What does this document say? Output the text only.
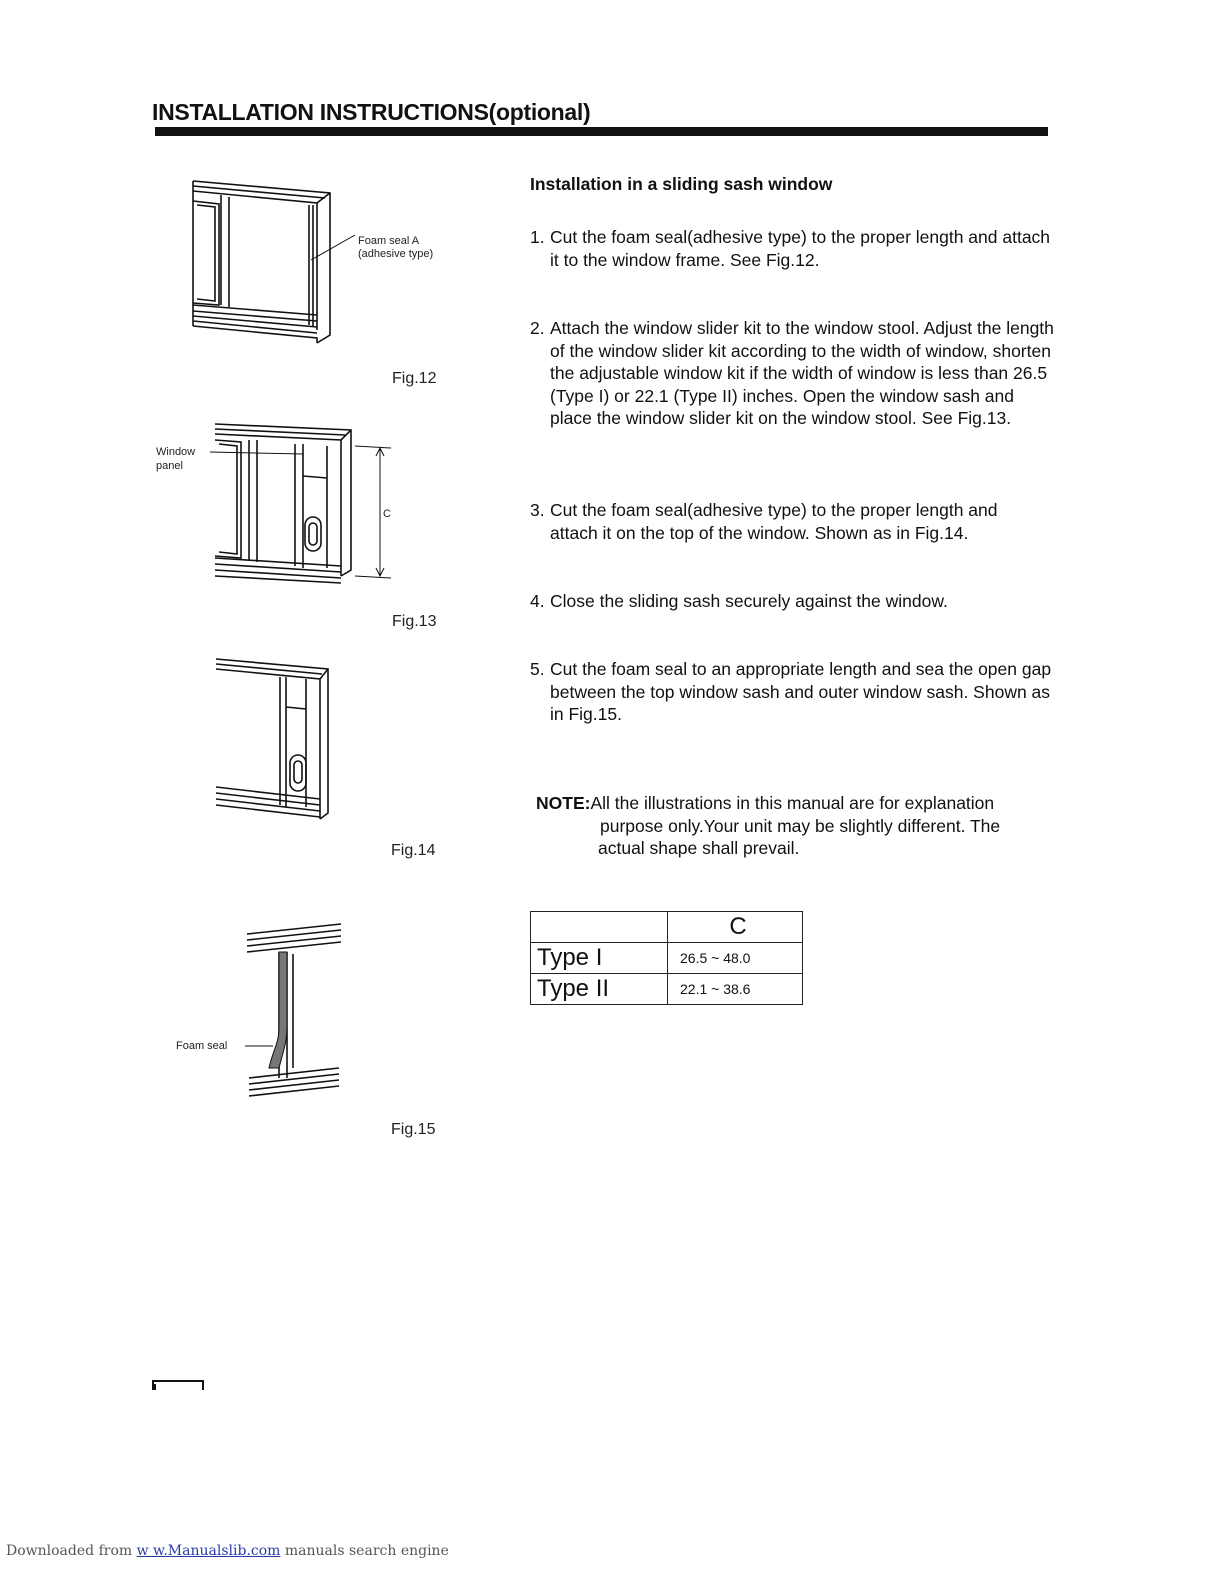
INSTALLATION INSTRUCTIONS(optional)
Foam seal A
(adhesive type)
Fig.12
Window
panel
C
Fig.13
Fig.14
Foam seal
Fig.15
Installation in a sliding sash window
1. Cut the foam seal(adhesive type) to the proper length and attach it to the window frame. See Fig.12.
2. Attach the window slider kit to the window stool. Adjust the length of the window slider kit according to the width of window, shorten the adjustable window kit if the width of window is less than 26.5 (Type I) or 22.1 (Type II) inches. Open the window sash and place the window slider kit on the window stool. See Fig.13.
3. Cut the foam seal(adhesive type) to the proper length and attach it on the top of the window. Shown as in Fig.14.
4. Close the sliding sash securely against the window.
5. Cut the foam seal to an appropriate length and sea the open gap between the top window sash and outer window sash. Shown as in Fig.15.
NOTE:All the illustrations in this manual are for explanation
purpose only.Your unit may be slightly different. The
actual shape shall prevail.
	C
Type I	26.5 ~ 48.0
Type II	22.1 ~ 38.6
Downloaded from w w.Manualslib.com manuals search engine
